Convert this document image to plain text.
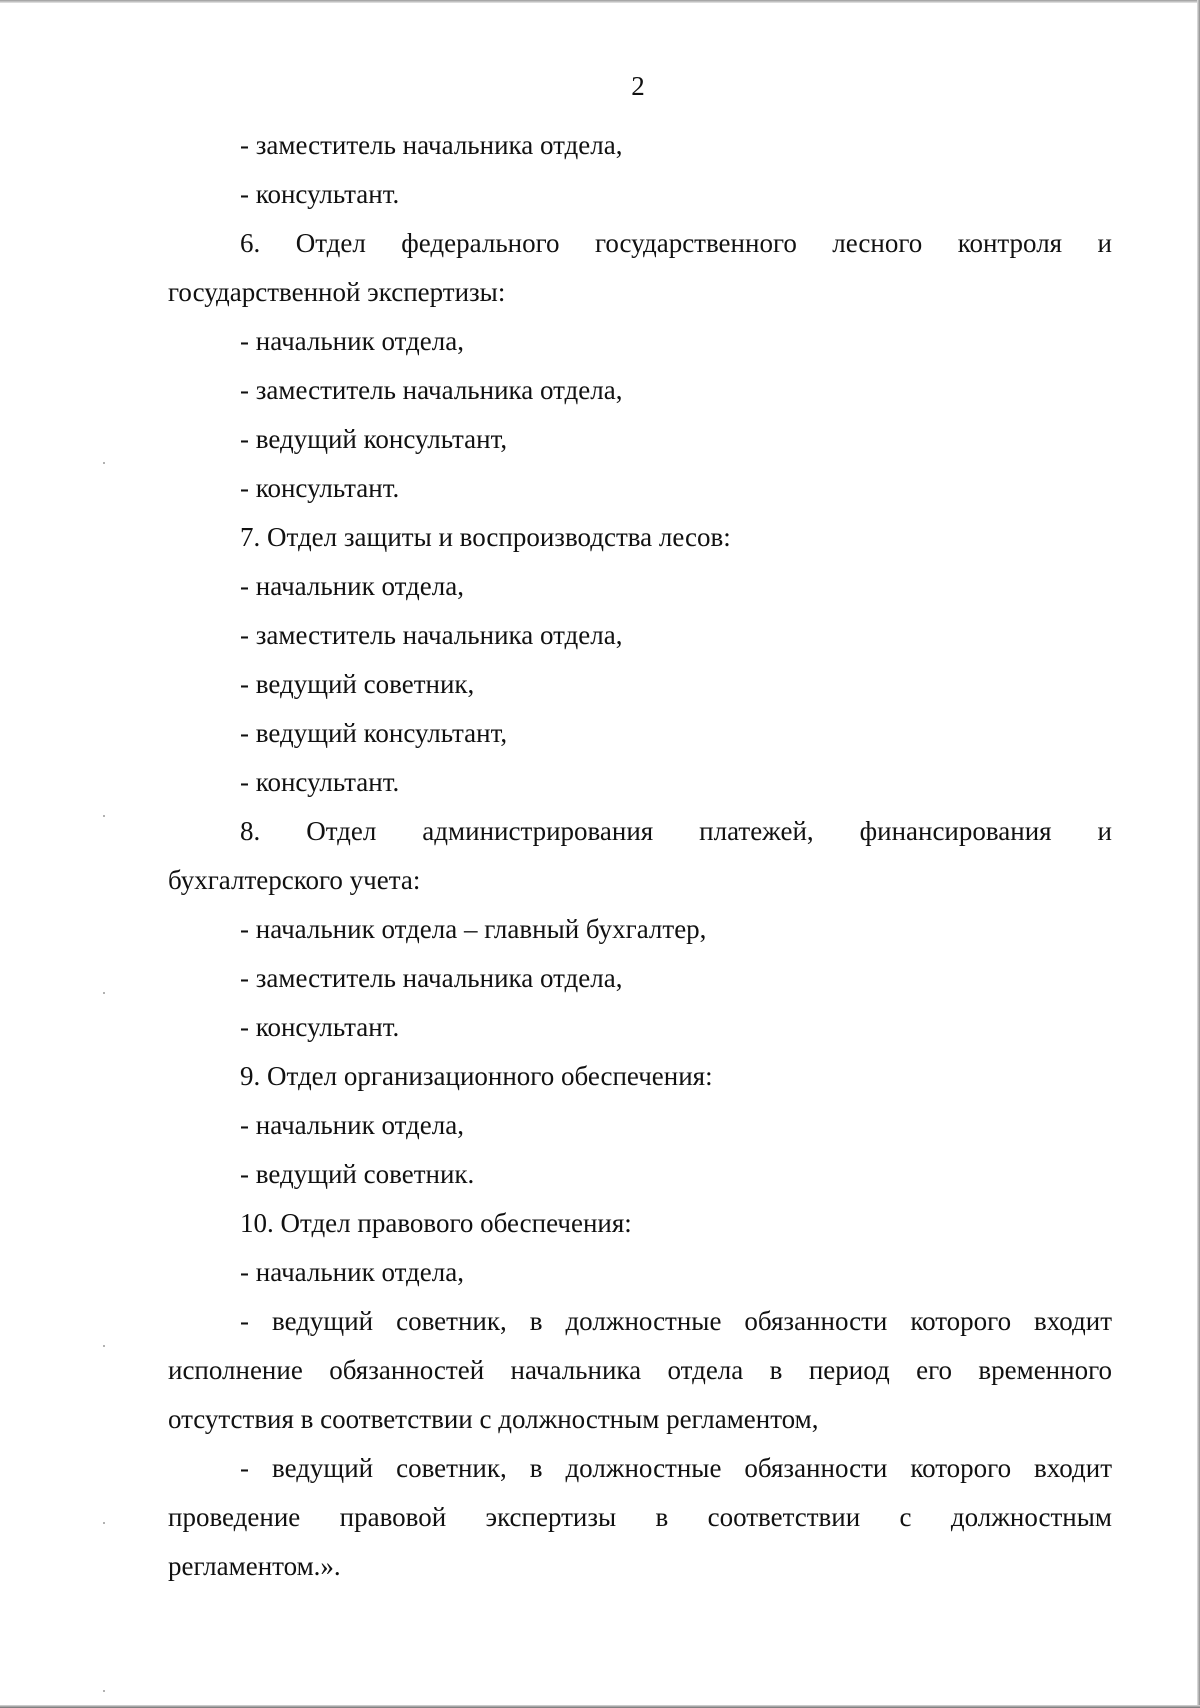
2
- заместитель начальника отдела,
- консультант.
6. Отдел федерального государственного лесного контроля и
государственной экспертизы:
- начальник отдела,
- заместитель начальника отдела,
- ведущий консультант,
- консультант.
7. Отдел защиты и воспроизводства лесов:
- начальник отдела,
- заместитель начальника отдела,
- ведущий советник,
- ведущий консультант,
- консультант.
8. Отдел администрирования платежей, финансирования и
бухгалтерского учета:
- начальник отдела – главный бухгалтер,
- заместитель начальника отдела,
- консультант.
9. Отдел организационного обеспечения:
- начальник отдела,
- ведущий советник.
10. Отдел правового обеспечения:
- начальник отдела,
- ведущий советник, в должностные обязанности которого входит
исполнение обязанностей начальника отдела в период его временного
отсутствия в соответствии с должностным регламентом,
- ведущий советник, в должностные обязанности которого входит
проведение правовой экспертизы в соответствии с должностным
регламентом.».
